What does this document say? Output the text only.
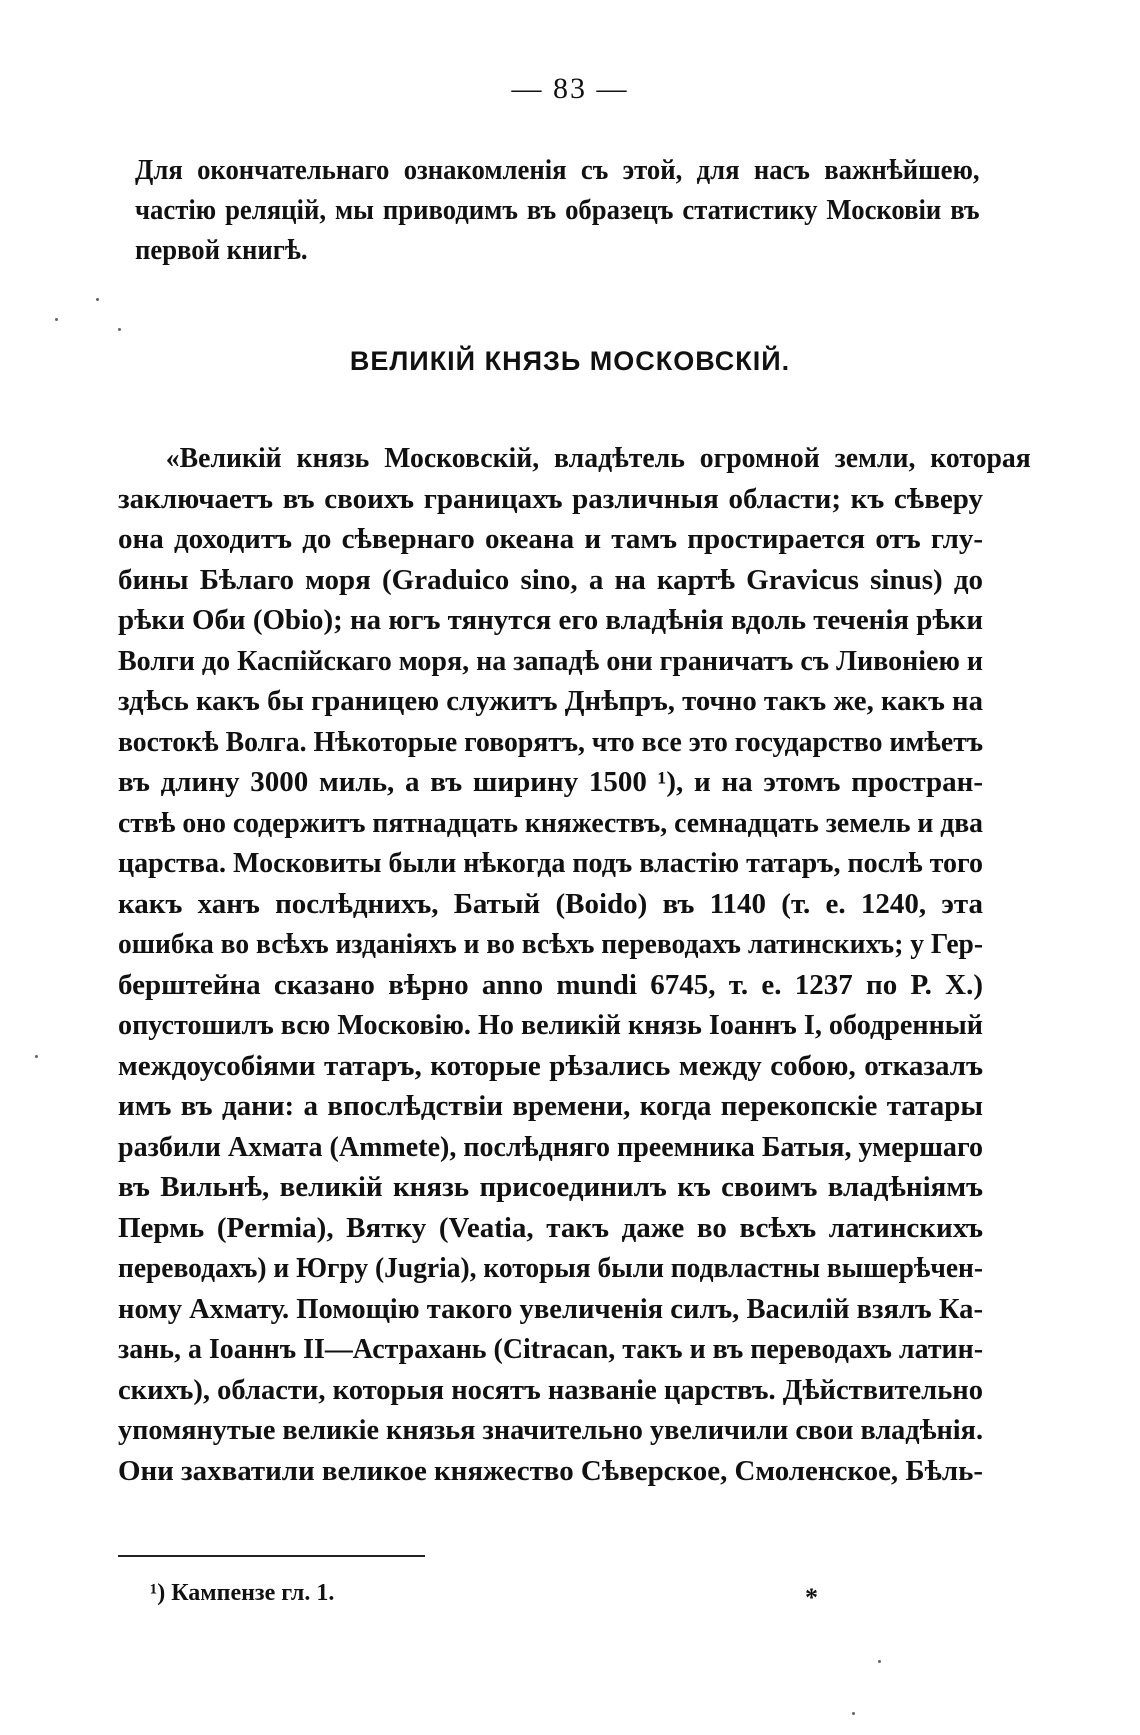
— 83 —
Для окончательнаго ознакомленія съ этой, для насъ важнѣйшею, частію реляцій, мы приводимъ въ образецъ статистику Московіи въ первой книгѣ.
ВЕЛИКІЙ КНЯЗЬ МОСКОВСКІЙ.
«Великій князь Московскій, владѣтель огромной земли, которая
заключаетъ въ своихъ границахъ различныя области; къ сѣверу
она доходитъ до сѣвернаго океана и тамъ простирается отъ глу-
бины Бѣлаго моря (Graduico sino, а на картѣ Gravicus sinus) до
рѣки Оби (Obio); на югъ тянутся его владѣнія вдоль теченія рѣки
Волги до Каспійскаго моря, на западѣ они граничатъ съ Ливоніею и
здѣсь какъ бы границею служитъ Днѣпръ, точно такъ же, какъ на
востокѣ Волга. Нѣкоторые говорятъ, что все это государство имѣетъ
въ длину 3000 миль, а въ ширину 1500 ¹), и на этомъ простран-
ствѣ оно содержитъ пятнадцать княжествъ, семнадцать земель и два
царства. Московиты были нѣкогда подъ властію татаръ, послѣ того
какъ ханъ послѣднихъ, Батый (Boido) въ 1140 (т. е. 1240, эта
ошибка во всѣхъ изданіяхъ и во всѣхъ переводахъ латинскихъ; у Гер-
берштейна сказано вѣрно anno mundi 6745, т. е. 1237 по Р. X.)
опустошилъ всю Московію. Но великій князь Іоаннъ I, ободренный
междоусобіями татаръ, которые рѣзались между собою, отказалъ
имъ въ дани: а впослѣдствіи времени, когда перекопскіе татары
разбили Ахмата (Ammete), послѣдняго преемника Батыя, умершаго
въ Вильнѣ, великій князь присоединилъ къ своимъ владѣніямъ
Пермь (Permia), Вятку (Veatia, такъ даже во всѣхъ латинскихъ
переводахъ) и Югру (Jugria), которыя были подвластны вышерѣчен-
ному Ахмату. Помощію такого увеличенія силъ, Василій взялъ Ка-
зань, а Іоаннъ II—Астрахань (Citracan, такъ и въ переводахъ латин-
скихъ), области, которыя носятъ названіе царствъ. Дѣйствительно
упомянутые великіе князья значительно увеличили свои владѣнія.
Они захватили великое княжество Сѣверское, Смоленское, Бѣль-
¹) Кампензе гл. 1.	*
